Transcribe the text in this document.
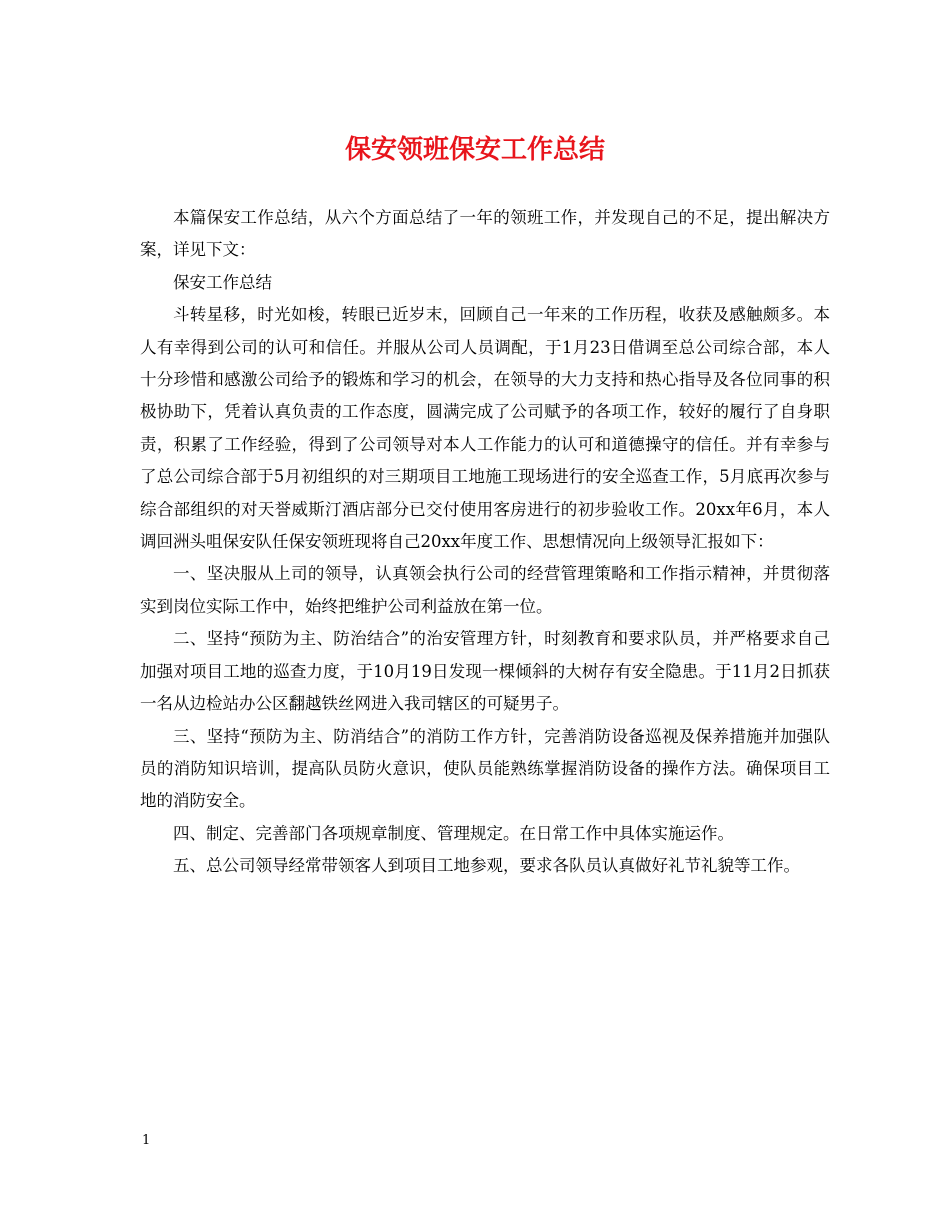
保安领班保安工作总结

本篇保安工作总结，从六个方面总结了一年的领班工作，并发现自己的不足，提出解决方案，详见下文：

保安工作总结

斗转星移，时光如梭，转眼已近岁末，回顾自己一年来的工作历程，收获及感触颇多。本人有幸得到公司的认可和信任。并服从公司人员调配，于1月23日借调至总公司综合部，本人十分珍惜和感激公司给予的锻炼和学习的机会，在领导的大力支持和热心指导及各位同事的积极协助下，凭着认真负责的工作态度，圆满完成了公司赋予的各项工作，较好的履行了自身职责，积累了工作经验，得到了公司领导对本人工作能力的认可和道德操守的信任。并有幸参与了总公司综合部于5月初组织的对三期项目工地施工现场进行的安全巡查工作，5月底再次参与综合部组织的对天誉威斯汀酒店部分已交付使用客房进行的初步验收工作。20xx年6月，本人调回洲头咀保安队任保安领班现将自己20xx年度工作、思想情况向上级领导汇报如下：

一、坚决服从上司的领导，认真领会执行公司的经营管理策略和工作指示精神，并贯彻落实到岗位实际工作中，始终把维护公司利益放在第一位。

二、坚持“预防为主、防治结合”的治安管理方针，时刻教育和要求队员，并严格要求自己加强对项目工地的巡查力度，于10月19日发现一棵倾斜的大树存有安全隐患。于11月2日抓获一名从边检站办公区翻越铁丝网进入我司辖区的可疑男子。

三、坚持“预防为主、防消结合”的消防工作方针，完善消防设备巡视及保养措施并加强队员的消防知识培训，提高队员防火意识，使队员能熟练掌握消防设备的操作方法。确保项目工地的消防安全。

四、制定、完善部门各项规章制度、管理规定。在日常工作中具体实施运作。

五、总公司领导经常带领客人到项目工地参观，要求各队员认真做好礼节礼貌等工作。

1
